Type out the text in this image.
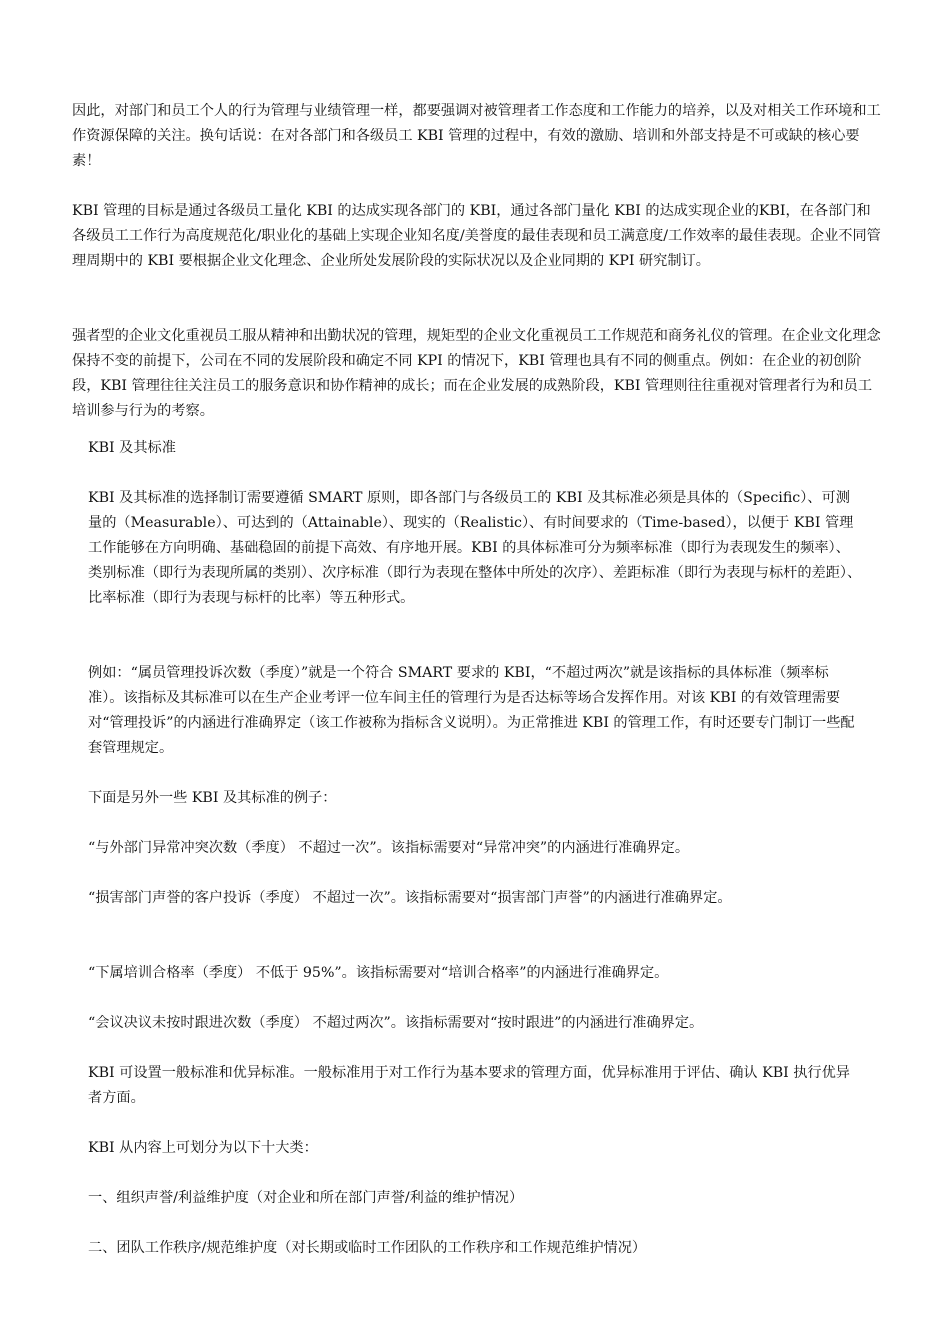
因此，对部门和员工个人的行为管理与业绩管理一样，都要强调对被管理者工作态度和工作能力的培养，以及对相关工作环境和工作资源保障的关注。换句话说：在对各部门和各级员工 KBI 管理的过程中，有效的激励、培训和外部支持是不可或缺的核心要素！

KBI 管理的目标是通过各级员工量化 KBI 的达成实现各部门的 KBI，通过各部门量化 KBI 的达成实现企业的KBI，在各部门和各级员工工作行为高度规范化/职业化的基础上实现企业知名度/美誉度的最佳表现和员工满意度/工作效率的最佳表现。企业不同管理周期中的 KBI 要根据企业文化理念、企业所处发展阶段的实际状况以及企业同期的 KPI 研究制订。

强者型的企业文化重视员工服从精神和出勤状况的管理，规矩型的企业文化重视员工工作规范和商务礼仪的管理。在企业文化理念保持不变的前提下，公司在不同的发展阶段和确定不同 KPI 的情况下，KBI 管理也具有不同的侧重点。例如：在企业的初创阶段，KBI 管理往往关注员工的服务意识和协作精神的成长；而在企业发展的成熟阶段，KBI 管理则往往重视对管理者行为和员工培训参与行为的考察。

KBI 及其标准

KBI 及其标准的选择制订需要遵循 SMART 原则，即各部门与各级员工的 KBI 及其标准必须是具体的（Specific）、可测量的（Measurable）、可达到的（Attainable）、现实的（Realistic）、有时间要求的（Time-based），以便于 KBI 管理工作能够在方向明确、基础稳固的前提下高效、有序地开展。KBI 的具体标准可分为频率标准（即行为表现发生的频率）、类别标准（即行为表现所属的类别）、次序标准（即行为表现在整体中所处的次序）、差距标准（即行为表现与标杆的差距）、比率标准（即行为表现与标杆的比率）等五种形式。

例如：“属员管理投诉次数（季度）”就是一个符合 SMART 要求的 KBI，“不超过两次”就是该指标的具体标准（频率标准）。该指标及其标准可以在生产企业考评一位车间主任的管理行为是否达标等场合发挥作用。对该 KBI 的有效管理需要对“管理投诉”的内涵进行准确界定（该工作被称为指标含义说明）。为正常推进 KBI 的管理工作，有时还要专门制订一些配套管理规定。

下面是另外一些 KBI 及其标准的例子：

“与外部门异常冲突次数（季度） 不超过一次”。该指标需要对“异常冲突”的内涵进行准确界定。

“损害部门声誉的客户投诉（季度） 不超过一次”。该指标需要对“损害部门声誉”的内涵进行准确界定。

“下属培训合格率（季度） 不低于 95%”。该指标需要对“培训合格率”的内涵进行准确界定。

“会议决议未按时跟进次数（季度） 不超过两次”。该指标需要对“按时跟进”的内涵进行准确界定。

KBI 可设置一般标准和优异标准。一般标准用于对工作行为基本要求的管理方面，优异标准用于评估、确认 KBI 执行优异者方面。

KBI 从内容上可划分为以下十大类：

一、组织声誉/利益维护度（对企业和所在部门声誉/利益的维护情况）

二、团队工作秩序/规范维护度（对长期或临时工作团队的工作秩序和工作规范维护情况）
